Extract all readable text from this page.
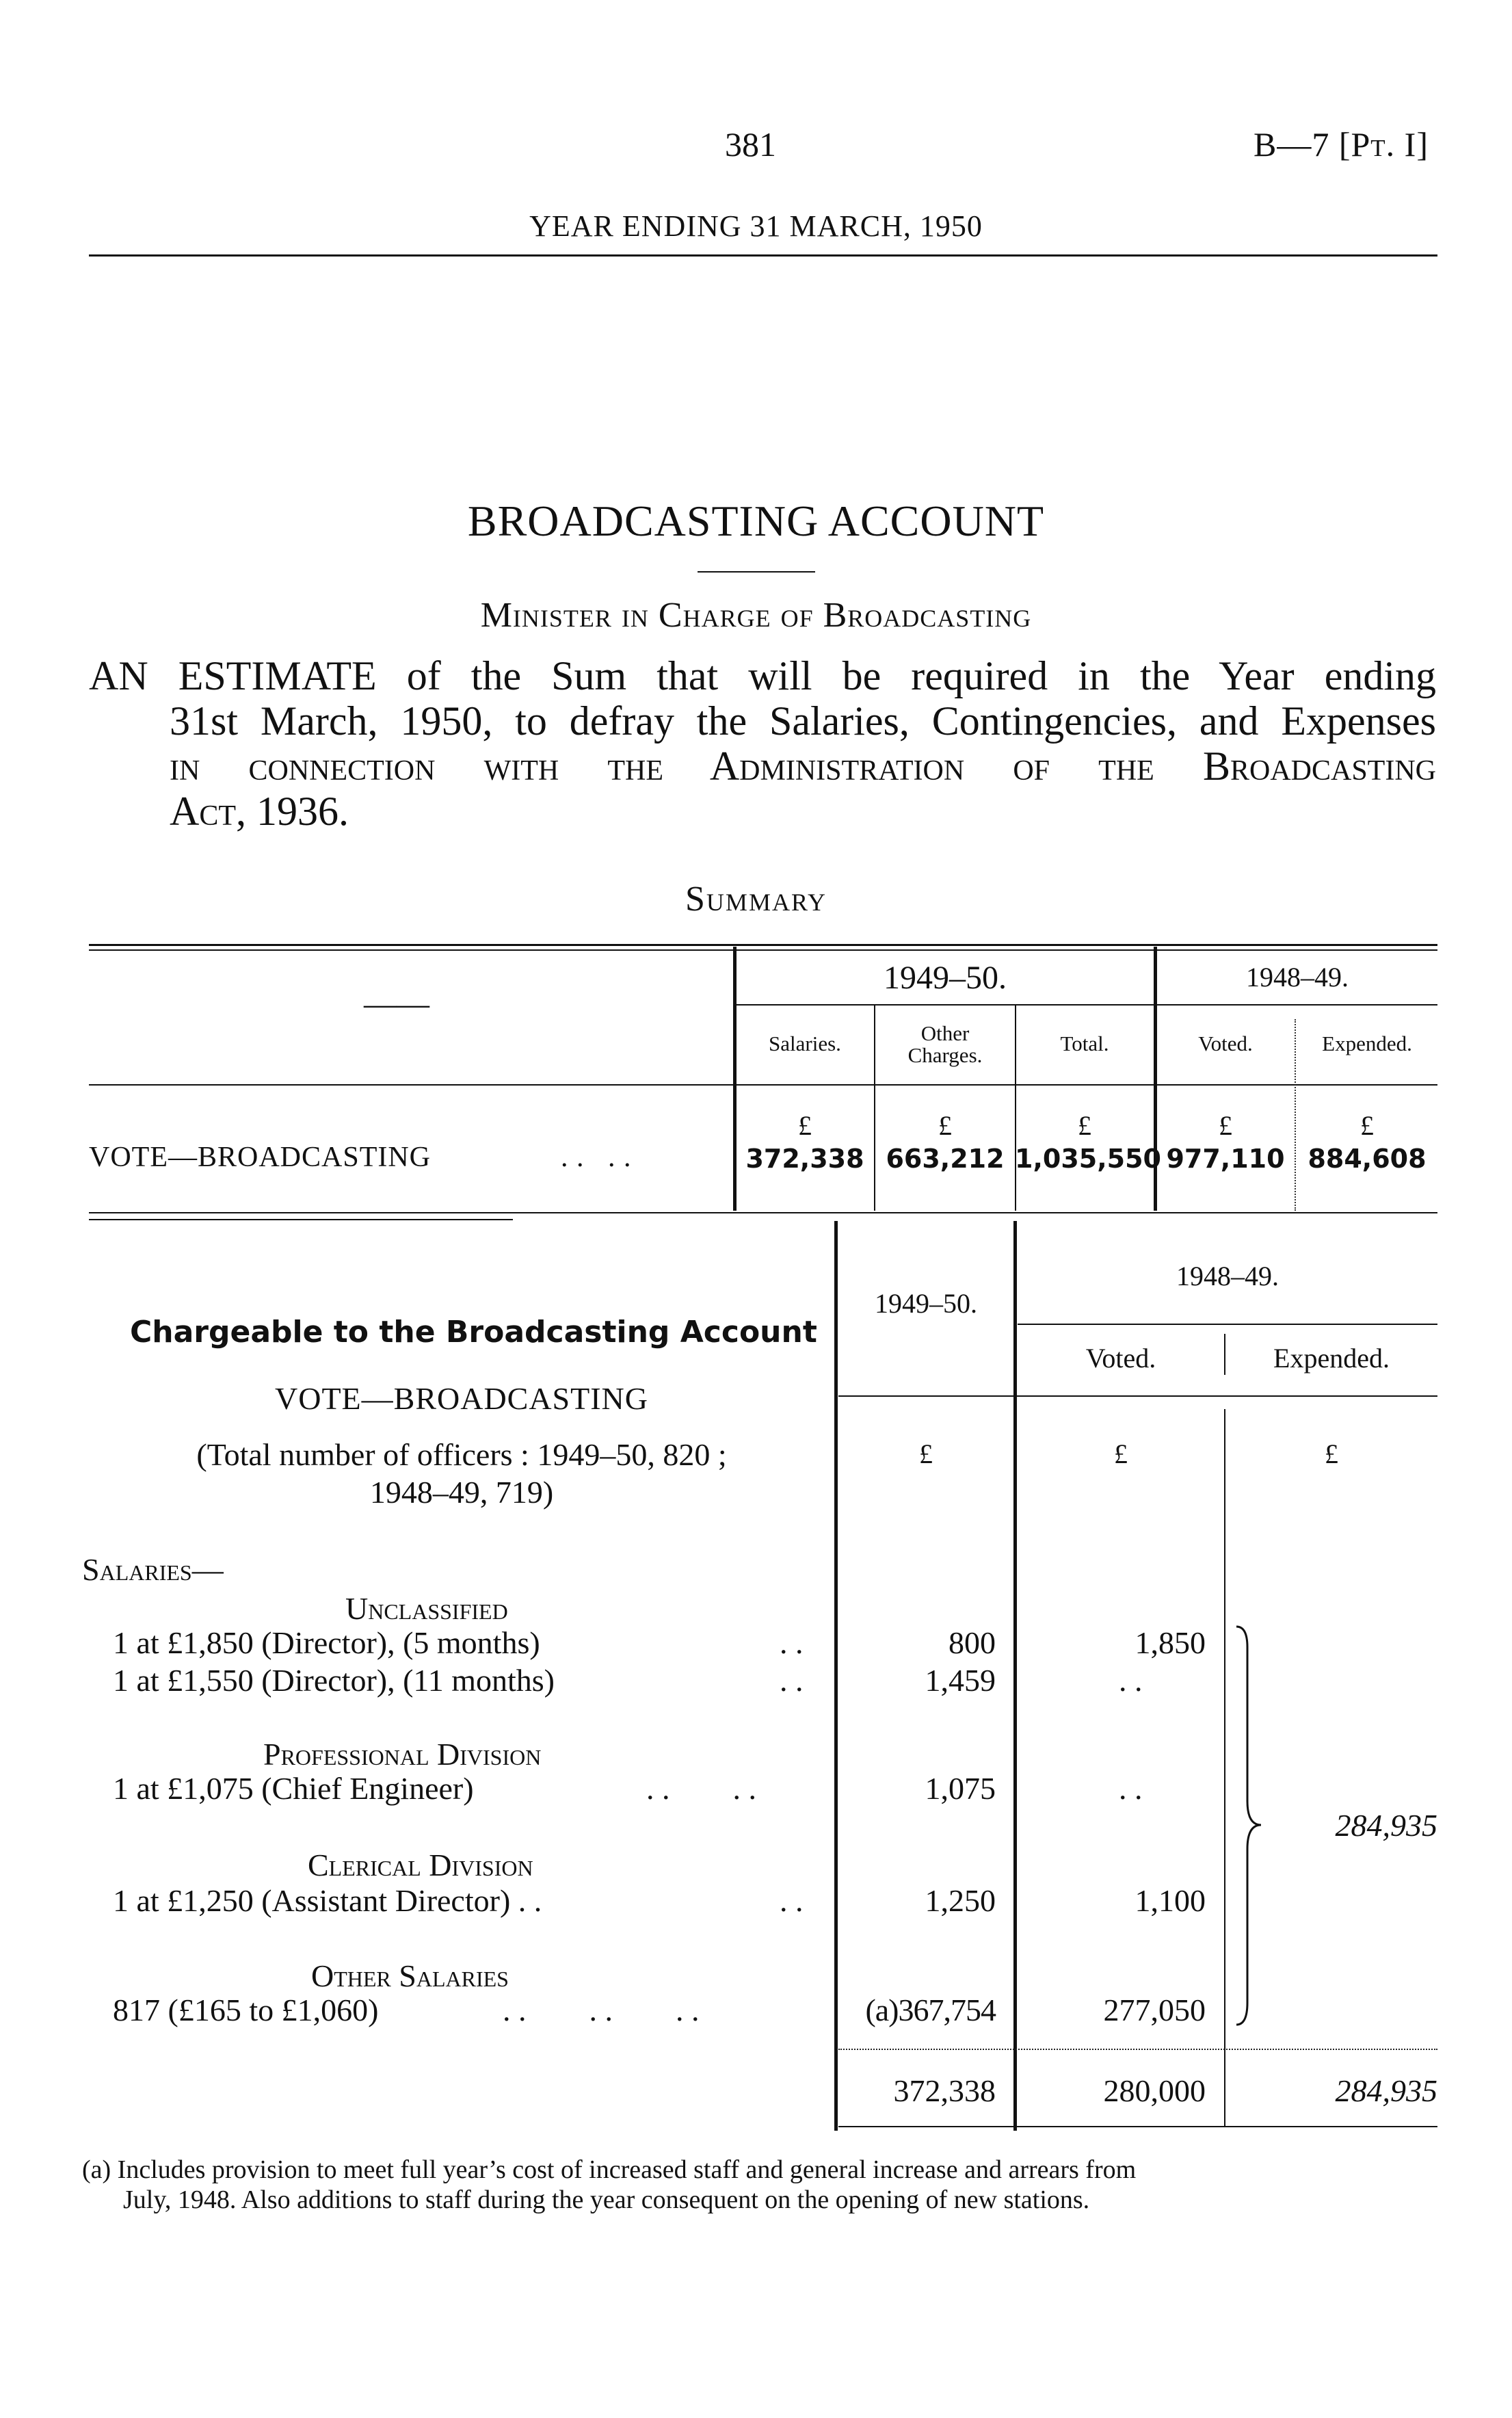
381	B—7 [Pt. I]
YEAR ENDING 31 MARCH, 1950
BROADCASTING ACCOUNT
Minister in Charge of Broadcasting

AN ESTIMATE of the Sum that will be required in the Year ending

31st March, 1950, to defray the Salaries, Contingencies, and Expenses

in connection with the Administration of the Broadcasting

Act, 1936.

Summary
1949–50.	1948–49.
——
Salaries.	Other Charges.	Total.	Voted.	Expended.
£	£	£	£	£
VOTE—BROADCASTING	. .   . .	372,338 663,212 1,035,550 977,110 884,608
Chargeable to the Broadcasting Account
1949–50.
1948–49.
Voted.	Expended.
VOTE—BROADCASTING
(Total number of officers : 1949–50, 820 ;
1948–49, 719)
£	£	£
Salaries—
Unclassified
1 at £1,850 (Director), (5 months)	. .	800	1,850
1 at £1,550 (Director), (11 months)	. .	1,459	. .
Professional Division
1 at £1,075 (Chief Engineer)	. .        . .	1,075	. .
Clerical Division
1 at £1,250 (Assistant Director) . .	. .	1,250	1,100
Other Salaries
817 (£165 to £1,060)	. .        . .        . .	(a)367,754	277,050
284,935
372,338	280,000	284,935

(a) Includes provision to meet full year’s cost of increased staff and general increase and arrears from

July, 1948. Also additions to staff during the year consequent on the opening of new stations.
